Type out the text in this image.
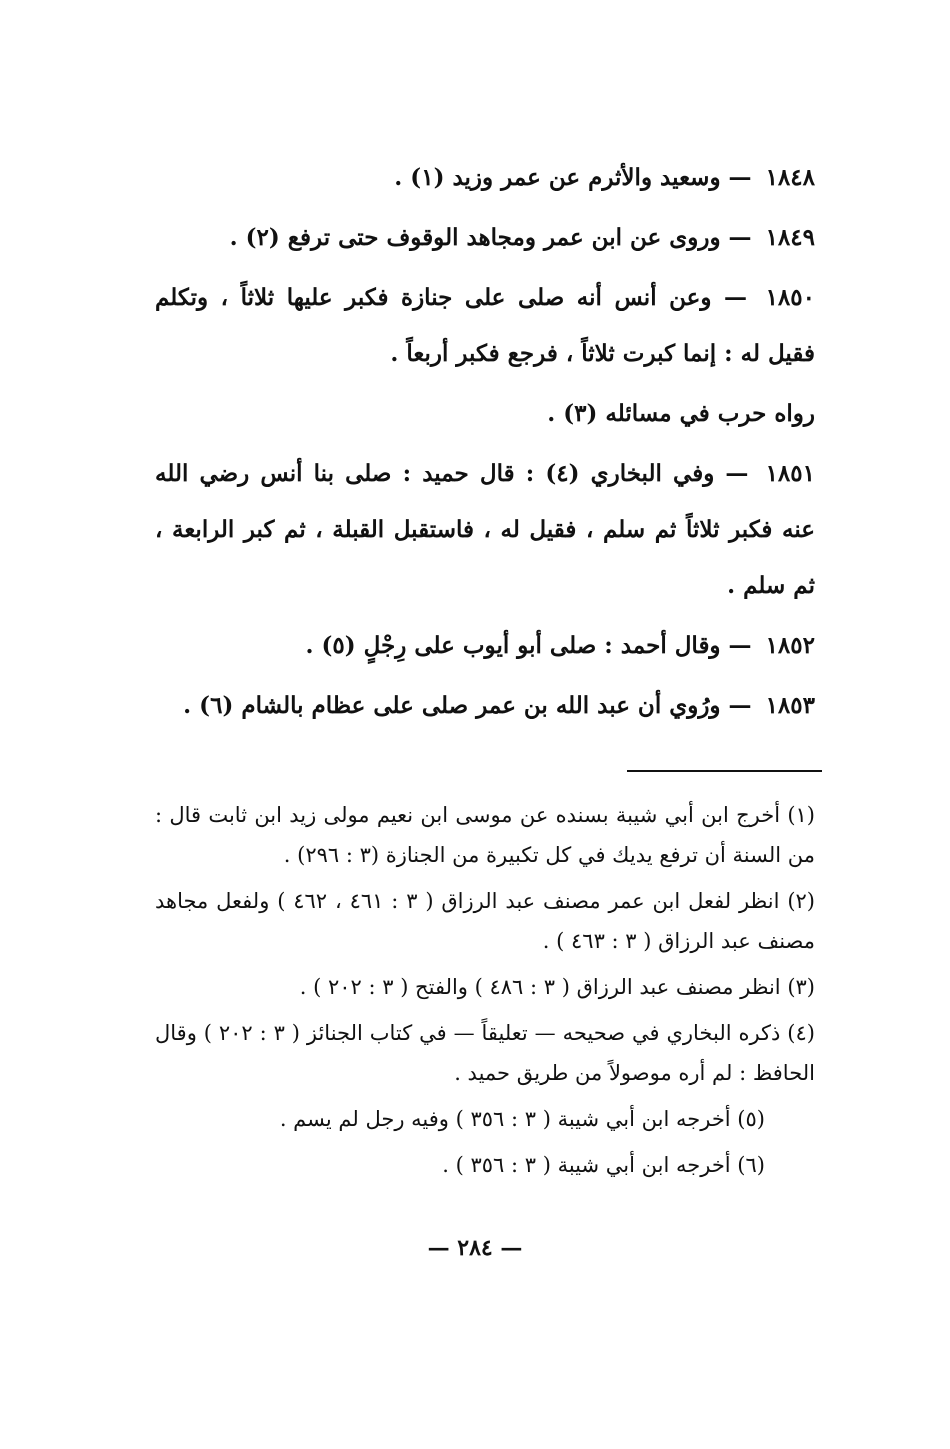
١٨٤٨ — وسعيد والأثرم عن عمر وزيد (١) .

١٨٤٩ — وروى عن ابن عمر ومجاهد الوقوف حتى ترفع (٢) .

١٨٥٠ — وعن أنس أنه صلى على جنازة فكبر عليها ثلاثاً ، وتكلم فقيل له : إنما كبرت ثلاثاً ، فرجع فكبر أربعاً .

رواه حرب في مسائله (٣) .

١٨٥١ — وفي البخاري (٤) : قال حميد : صلى بنا أنس رضي الله عنه فكبر ثلاثاً ثم سلم ، فقيل له ، فاستقبل القبلة ، ثم كبر الرابعة ، ثم سلم .

١٨٥٢ — وقال أحمد : صلى أبو أيوب على رِجْلٍ (٥) .

١٨٥٣ — ورُوي أن عبد الله بن عمر صلى على عظام بالشام (٦) .

(١) أخرج ابن أبي شيبة بسنده عن موسى ابن نعيم مولى زيد ابن ثابت قال : من السنة أن ترفع يديك في كل تكبيرة من الجنازة (٣ : ٢٩٦) .

(٢) انظر لفعل ابن عمر مصنف عبد الرزاق ( ٣ : ٤٦١ ، ٤٦٢ ) ولفعل مجاهد مصنف عبد الرزاق ( ٣ : ٤٦٣ ) .

(٣) انظر مصنف عبد الرزاق ( ٣ : ٤٨٦ ) والفتح ( ٣ : ٢٠٢ ) .

(٤) ذكره البخاري في صحيحه — تعليقاً — في كتاب الجنائز ( ٣ : ٢٠٢ ) وقال الحافظ : لم أره موصولاً من طريق حميد .

(٥) أخرجه ابن أبي شيبة ( ٣ : ٣٥٦ ) وفيه رجل لم يسم .

(٦) أخرجه ابن أبي شيبة ( ٣ : ٣٥٦ ) .

— ٢٨٤ —
